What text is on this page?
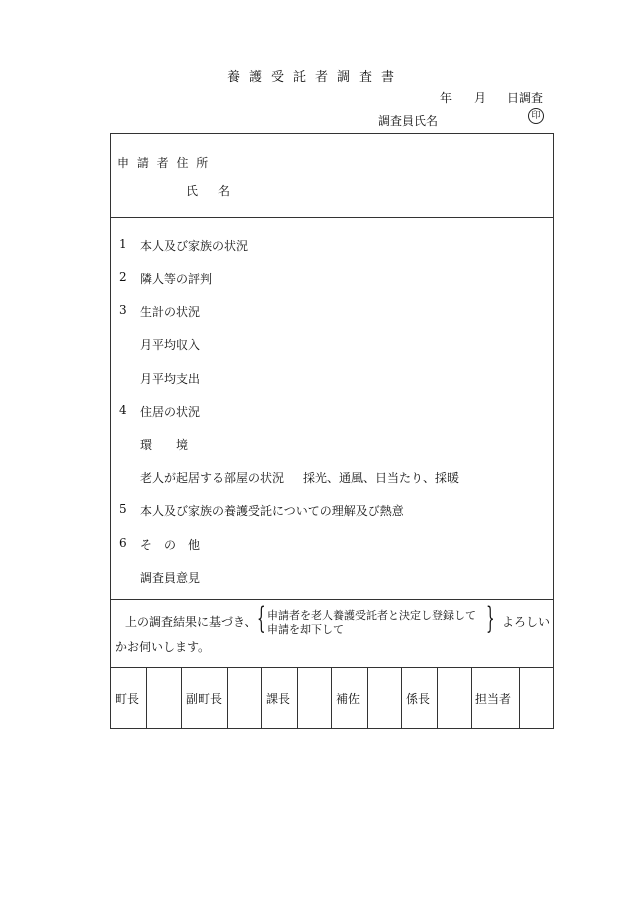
養護受託者調査書
年 月 日調査
調査員氏名	印
申 請 者 住 所
氏　名
1 本人及び家族の状況
2 隣人等の評判
3 生計の状況
月平均収入
月平均支出
4 住居の状況
環　　境
老人が起居する部屋の状況 採光、通風、日当たり、採暖
5 本人及び家族の養護受託についての理解及び熱意
6 そ　の　他
調査員意見
上の調査結果に基づき、 { 申請者を老人養護受託者と決定し登録して
申請を却下して	} よろしい
かお伺いします。
町長	副町長	課長	補佐	係長	担当者
